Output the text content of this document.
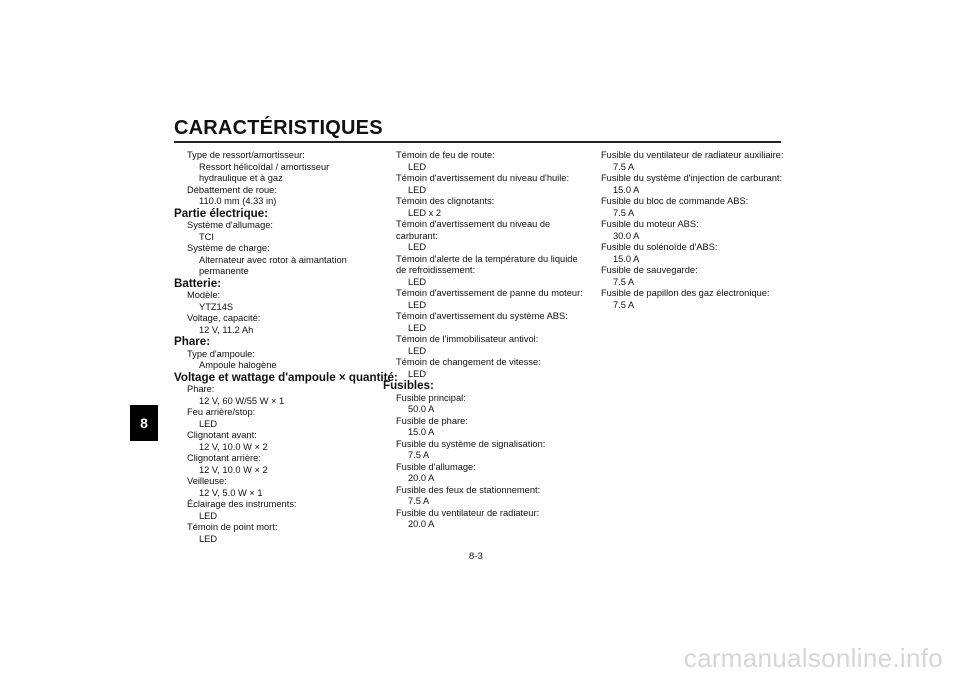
CARACTÉRISTIQUES
8
Type de ressort/amortisseur:
Ressort hélicoïdal / amortisseur
hydraulique et à gaz
Débattement de roue:
110.0 mm (4.33 in)
Partie électrique:
Système d'allumage:
TCI
Système de charge:
Alternateur avec rotor à aimantation
permanente
Batterie:
Modèle:
YTZ14S
Voltage, capacité:
12 V, 11.2 Ah
Phare:
Type d'ampoule:
Ampoule halogène
Voltage et wattage d'ampoule × quantité:
Phare:
12 V, 60 W/55 W × 1
Feu arrière/stop:
LED
Clignotant avant:
12 V, 10.0 W × 2
Clignotant arrière:
12 V, 10.0 W × 2
Veilleuse:
12 V, 5.0 W × 1
Éclairage des instruments:
LED
Témoin de point mort:
LED
Témoin de feu de route:
LED
Témoin d'avertissement du niveau d'huile:
LED
Témoin des clignotants:
LED x 2
Témoin d'avertissement du niveau de
carburant:
LED
Témoin d'alerte de la température du liquide
de refroidissement:
LED
Témoin d'avertissement de panne du moteur:
LED
Témoin d'avertissement du système ABS:
LED
Témoin de l'immobilisateur antivol:
LED
Témoin de changement de vitesse:
LED
Fusibles:
Fusible principal:
50.0 A
Fusible de phare:
15.0 A
Fusible du système de signalisation:
7.5 A
Fusible d'allumage:
20.0 A
Fusible des feux de stationnement:
7.5 A
Fusible du ventilateur de radiateur:
20.0 A
Fusible du ventilateur de radiateur auxiliaire:
7.5 A
Fusible du système d'injection de carburant:
15.0 A
Fusible du bloc de commande ABS:
7.5 A
Fusible du moteur ABS:
30.0 A
Fusible du solénoïde d'ABS:
15.0 A
Fusible de sauvegarde:
7.5 A
Fusible de papillon des gaz électronique:
7.5 A
8-3
carmanualsonline.info
